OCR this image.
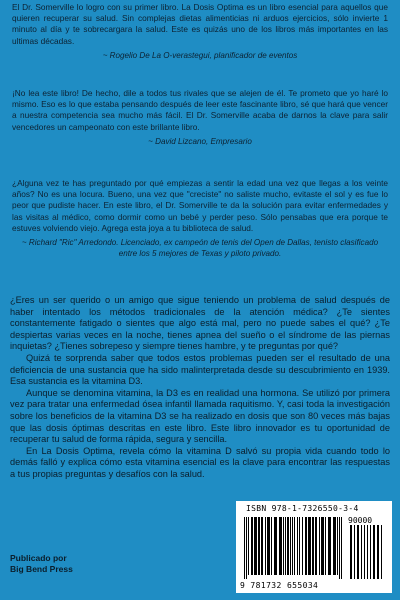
El Dr. Somerville lo logro con su primer libro. La Dosis Optima es un libro esencial para aquellos que quieren recuperar su salud. Sin complejas dietas alimenticias ni arduos ejercicios, sólo invierte 1 minuto al día y te sobrecargara la salud. Este es quizás uno de los libros más importantes en las ultimas décadas.

~ Rogelio De La O-verastegui, planificador de eventos

¡No lea este libro! De hecho, dile a todos tus rivales que se alejen de él. Te prometo que yo haré lo mismo. Eso es lo que estaba pensando después de leer este fascinante libro, sé que hará que vencer a nuestra competencia sea mucho más fácil. El Dr. Somerville acaba de darnos la clave para salir vencedores un campeonato con este brillante libro.

~ David Lizcano, Empresario

¿Alguna vez te has preguntado por qué empiezas a sentir la edad una vez que llegas a los veinte años? No es una locura. Bueno, una vez que "creciste" no saliste mucho, evitaste el sol y es fue lo peor que pudiste hacer. En este libro, el Dr. Somerville te da la solución para evitar enfermedades y las visitas al médico, como dormir como un bebé y perder peso. Sólo pensabas que era porque te estuves volviendo viejo. Agrega esta joya a tu biblioteca de salud.

~ Richard "Ric" Arredondo. Licenciado, ex campeón de tenis del Open de Dallas, tenisto clasificado entre los 5 mejores de Texas y piloto privado.

¿Eres un ser querido o un amigo que sigue teniendo un problema de salud después de haber intentado los métodos tradicionales de la atención médica? ¿Te sientes constantemente fatigado o sientes que algo está mal, pero no puede sabes el qué? ¿Te despiertas varias veces en la noche, tienes apnea del sueño o el síndrome de las piernas inquietas? ¿Tienes sobrepeso y siempre tienes hambre, y te preguntas por qué?

Quizá te sorprenda saber que todos estos problemas pueden ser el resultado de una deficiencia de una sustancia que ha sido malinterpretada desde su descubrimiento en 1939. Esa sustancia es la vitamina D3.

Aunque se denomina vitamina, la D3 es en realidad una hormona. Se utilizó por primera vez para tratar una enfermedad ósea infantil llamada raquitismo. Y, casi toda la investigación sobre los beneficios de la vitamina D3 se ha realizado en dosis que son 80 veces más bajas que las dosis óptimas descritas en este libro. Este libro innovador es tu oportunidad de recuperar tu salud de forma rápida, segura y sencilla.

En La Dosis Optima, revela cómo la vitamina D salvó su propia vida cuando todo lo demás falló y explica cómo esta vitamina esencial es la clave para encontrar las respuestas a tus propias preguntas y desafíos con la salud.

Publicado por
Big Bend Press
ISBN 978-1-7326550-3-4
90000
9 781732 655034
